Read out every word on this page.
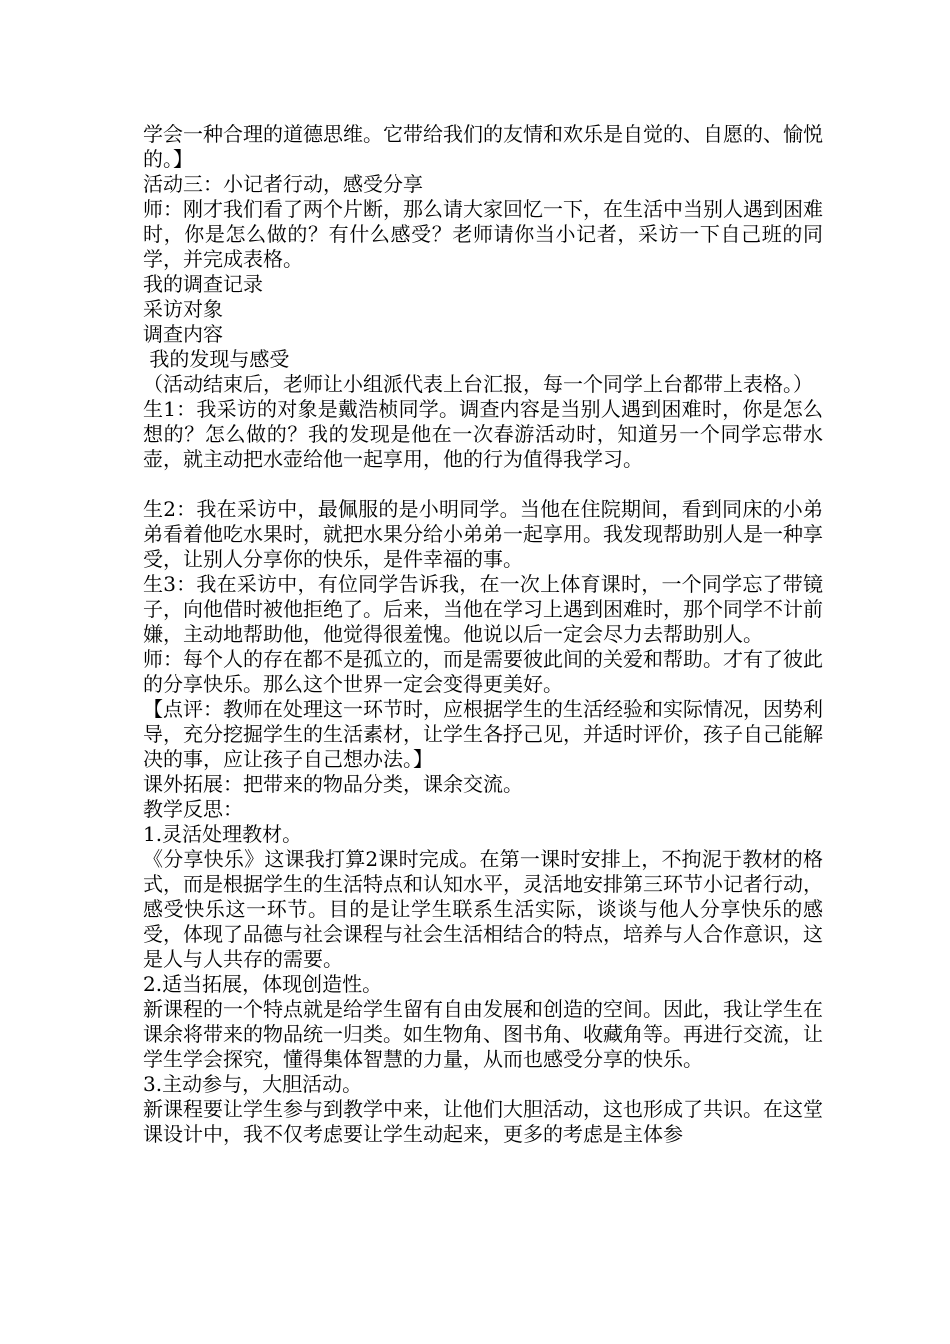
学会一种合理的道德思维。它带给我们的友情和欢乐是自觉的、自愿的、愉悦的。】

活动三：小记者行动，感受分享

师：刚才我们看了两个片断，那么请大家回忆一下，在生活中当别人遇到困难时，你是怎么做的？有什么感受？老师请你当小记者，采访一下自己班的同学，并完成表格。

我的调查记录

采访对象

调查内容

我的发现与感受

（活动结束后，老师让小组派代表上台汇报，每一个同学上台都带上表格。）

生1：我采访的对象是戴浩桢同学。调查内容是当别人遇到困难时，你是怎么想的？怎么做的？我的发现是他在一次春游活动时，知道另一个同学忘带水壶，就主动把水壶给他一起享用，他的行为值得我学习。

生2：我在采访中，最佩服的是小明同学。当他在住院期间，看到同床的小弟弟看着他吃水果时，就把水果分给小弟弟一起享用。我发现帮助别人是一种享受，让别人分享你的快乐，是件幸福的事。

生3：我在采访中，有位同学告诉我，在一次上体育课时，一个同学忘了带镜子，向他借时被他拒绝了。后来，当他在学习上遇到困难时，那个同学不计前嫌，主动地帮助他，他觉得很羞愧。他说以后一定会尽力去帮助别人。

师：每个人的存在都不是孤立的，而是需要彼此间的关爱和帮助。才有了彼此的分享快乐。那么这个世界一定会变得更美好。

【点评：教师在处理这一环节时，应根据学生的生活经验和实际情况，因势利导，充分挖掘学生的生活素材，让学生各抒己见，并适时评价，孩子自己能解决的事，应让孩子自己想办法。】

课外拓展：把带来的物品分类，课余交流。

教学反思：

1.灵活处理教材。

《分享快乐》这课我打算2课时完成。在第一课时安排上，不拘泥于教材的格式，而是根据学生的生活特点和认知水平，灵活地安排第三环节小记者行动，感受快乐这一环节。目的是让学生联系生活实际，谈谈与他人分享快乐的感受，体现了品德与社会课程与社会生活相结合的特点，培养与人合作意识，这是人与人共存的需要。

2.适当拓展，体现创造性。

新课程的一个特点就是给学生留有自由发展和创造的空间。因此，我让学生在课余将带来的物品统一归类。如生物角、图书角、收藏角等。再进行交流，让学生学会探究，懂得集体智慧的力量，从而也感受分享的快乐。

3.主动参与，大胆活动。

新课程要让学生参与到教学中来，让他们大胆活动，这也形成了共识。在这堂课设计中，我不仅考虑要让学生动起来，更多的考虑是主体参
